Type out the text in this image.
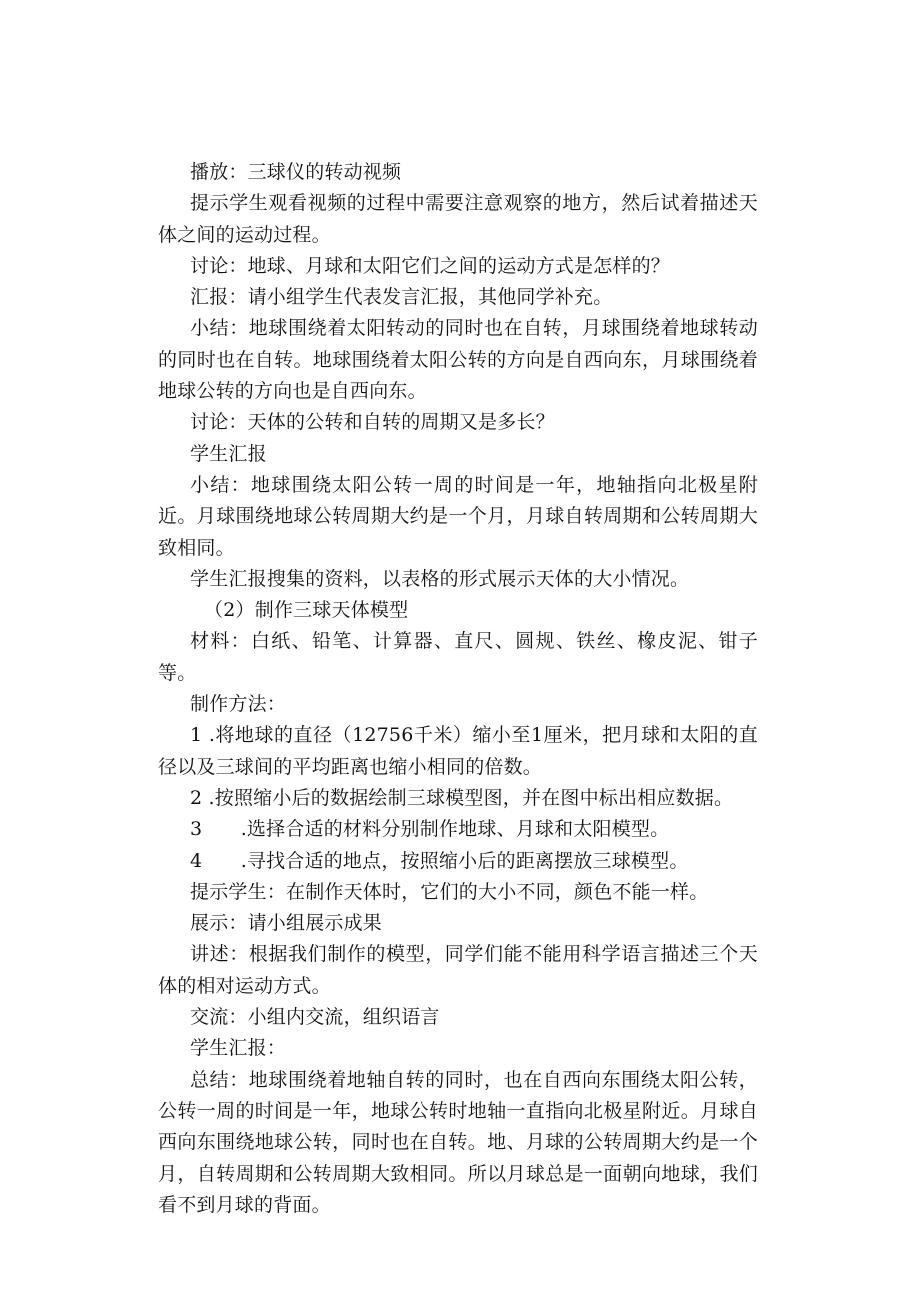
播放：三球仪的转动视频

提示学生观看视频的过程中需要注意观察的地方，然后试着描述天体之间的运动过程。

讨论：地球、月球和太阳它们之间的运动方式是怎样的？

汇报：请小组学生代表发言汇报，其他同学补充。

小结：地球围绕着太阳转动的同时也在自转，月球围绕着地球转动的同时也在自转。地球围绕着太阳公转的方向是自西向东，月球围绕着地球公转的方向也是自西向东。

讨论：天体的公转和自转的周期又是多长？

学生汇报

小结：地球围绕太阳公转一周的时间是一年，地轴指向北极星附近。月球围绕地球公转周期大约是一个月，月球自转周期和公转周期大致相同。

学生汇报搜集的资料，以表格的形式展示天体的大小情况。

（2）制作三球天体模型

材料：白纸、铅笔、计算器、直尺、圆规、铁丝、橡皮泥、钳子等。

制作方法：

1 .将地球的直径（12756千米）缩小至1厘米，把月球和太阳的直径以及三球间的平均距离也缩小相同的倍数。

2 .按照缩小后的数据绘制三球模型图，并在图中标出相应数据。

3　　.选择合适的材料分别制作地球、月球和太阳模型。

4　　.寻找合适的地点，按照缩小后的距离摆放三球模型。

提示学生：在制作天体时，它们的大小不同，颜色不能一样。

展示：请小组展示成果

讲述：根据我们制作的模型，同学们能不能用科学语言描述三个天体的相对运动方式。

交流：小组内交流，组织语言

学生汇报：

总结：地球围绕着地轴自转的同时，也在自西向东围绕太阳公转，公转一周的时间是一年，地球公转时地轴一直指向北极星附近。月球自西向东围绕地球公转，同时也在自转。地、月球的公转周期大约是一个月，自转周期和公转周期大致相同。所以月球总是一面朝向地球，我们看不到月球的背面。
